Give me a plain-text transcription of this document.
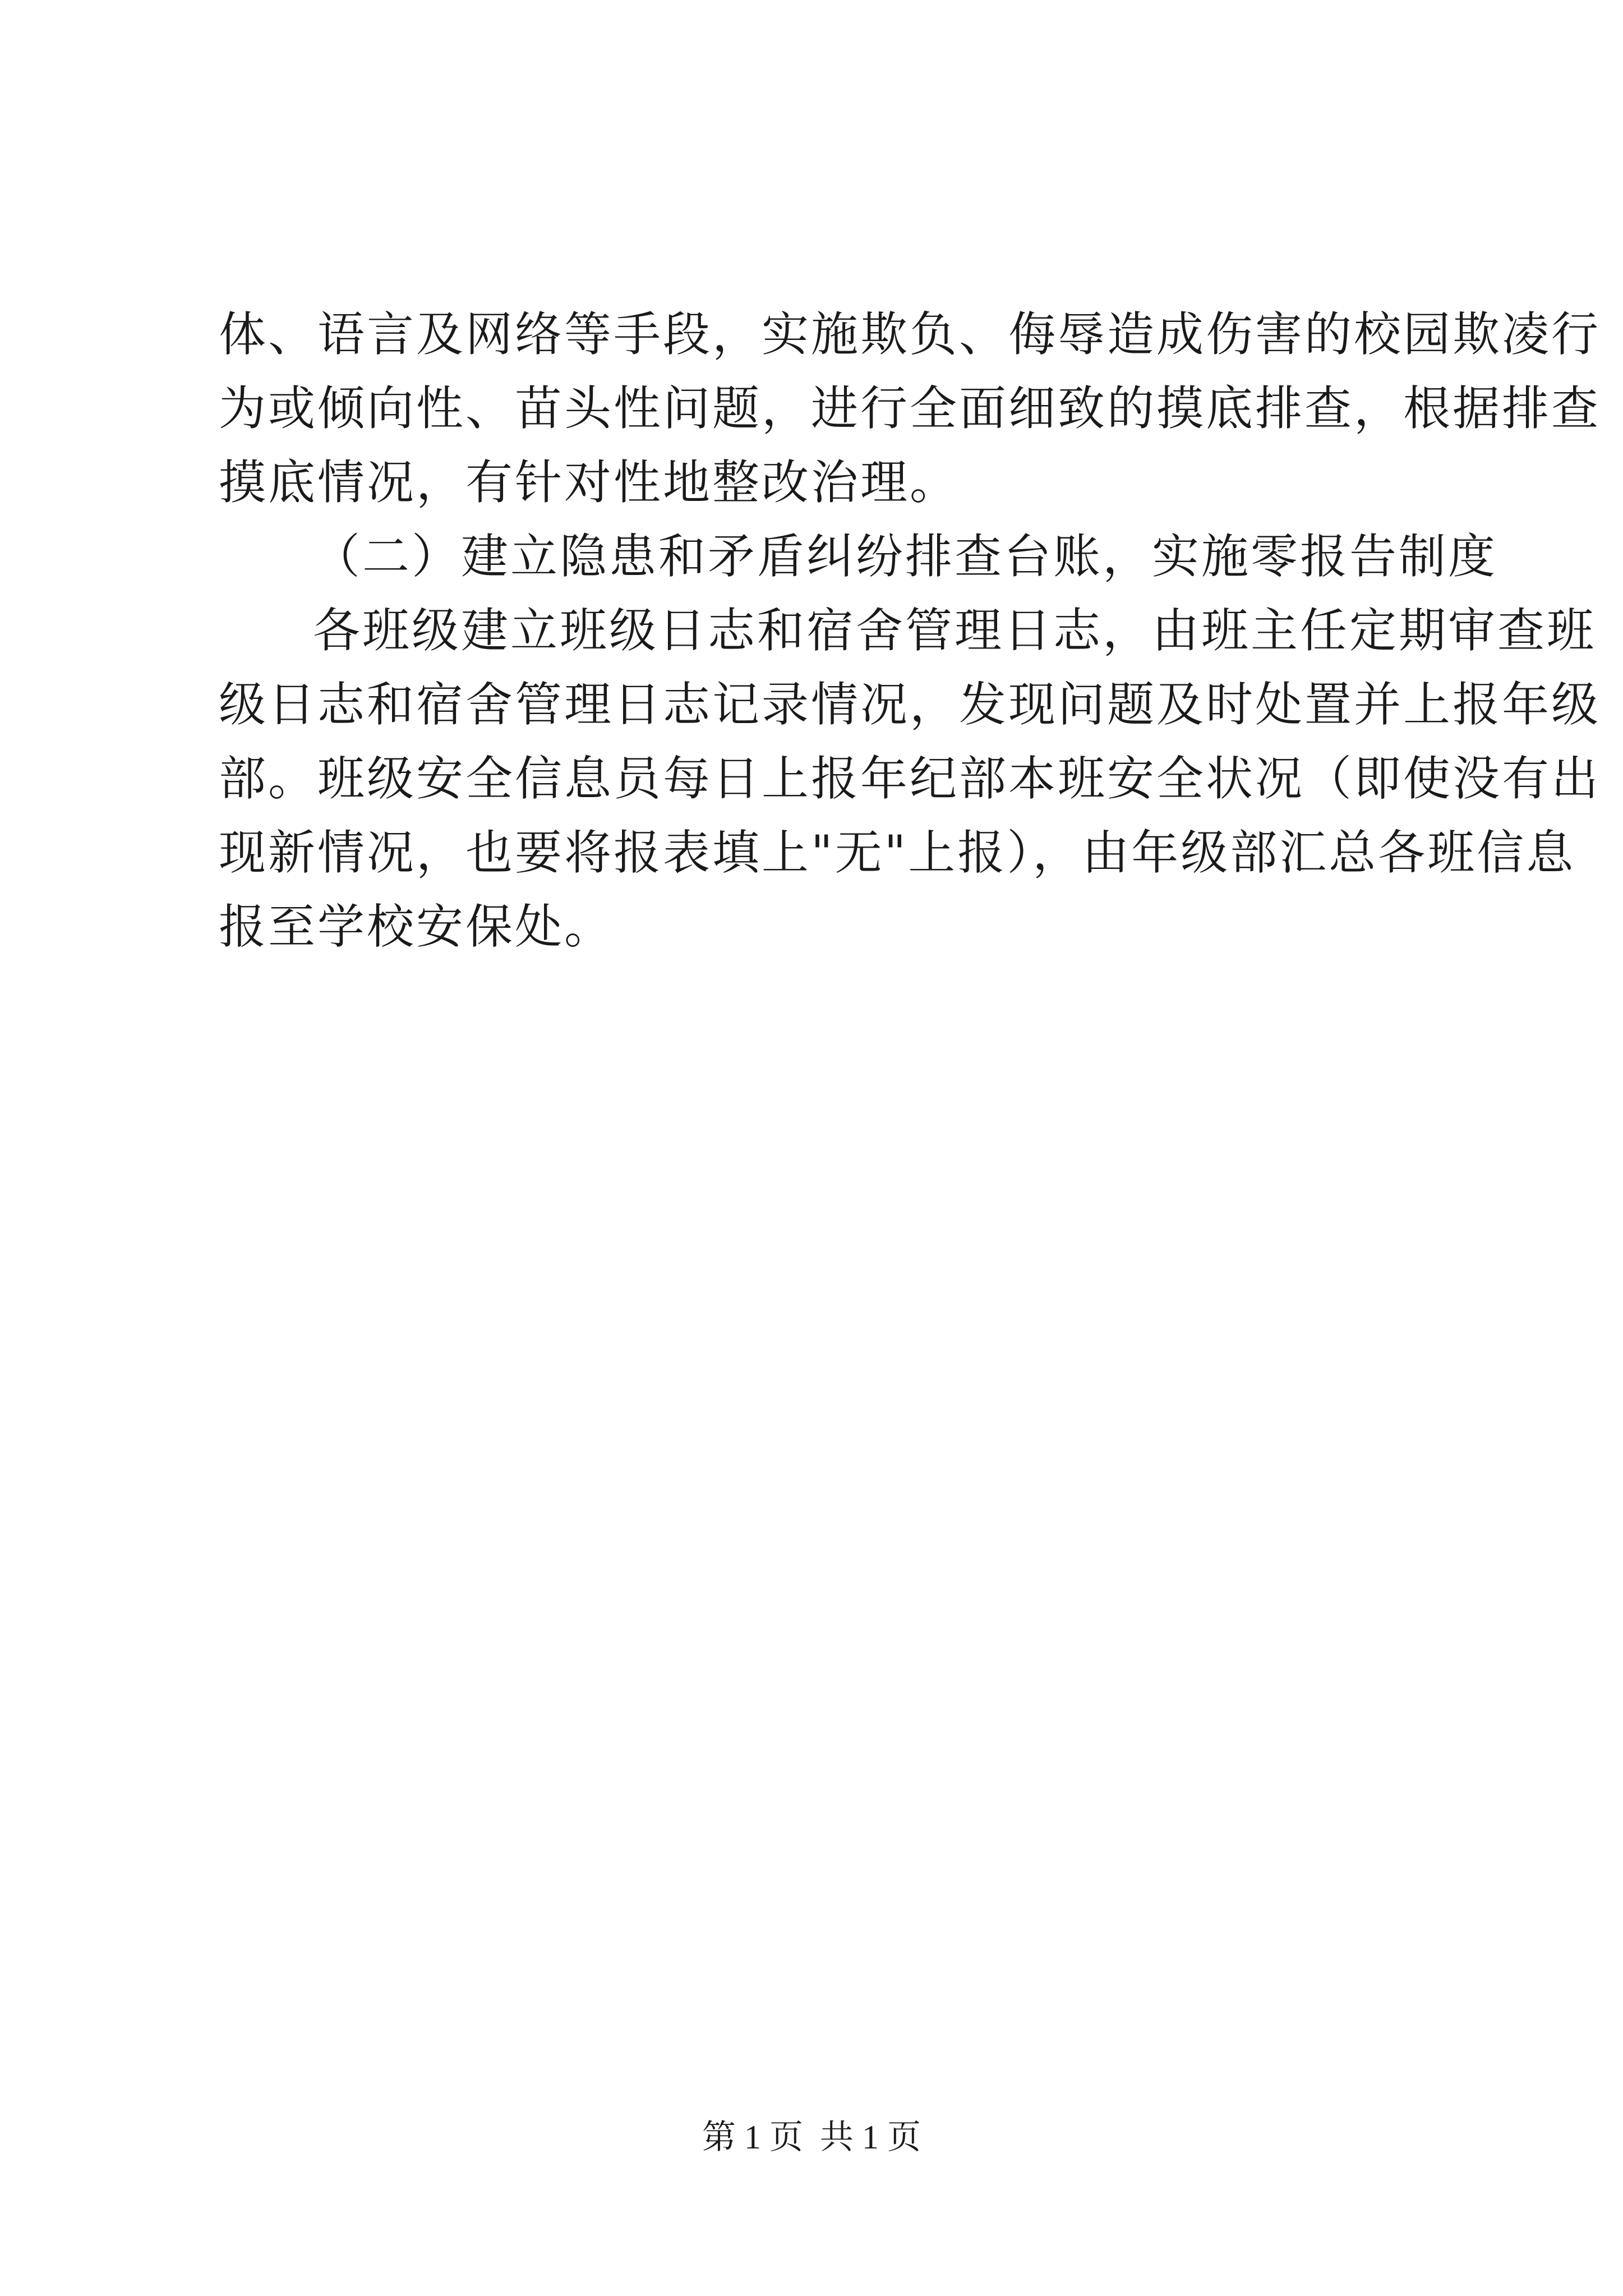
体、语言及网络等手段，实施欺负、侮辱造成伤害的校园欺凌行
为或倾向性、苗头性问题，进行全面细致的摸底排查，根据排查
摸底情况，有针对性地整改治理。
（二）建立隐患和矛盾纠纷排查台账，实施零报告制度
各班级建立班级日志和宿舍管理日志，由班主任定期审查班
级日志和宿舍管理日志记录情况，发现问题及时处置并上报年级
部。班级安全信息员每日上报年纪部本班安全状况（即使没有出
现新情况，也要将报表填上"无"上报），由年级部汇总各班信息
报至学校安保处。
第 1 页  共 1 页
